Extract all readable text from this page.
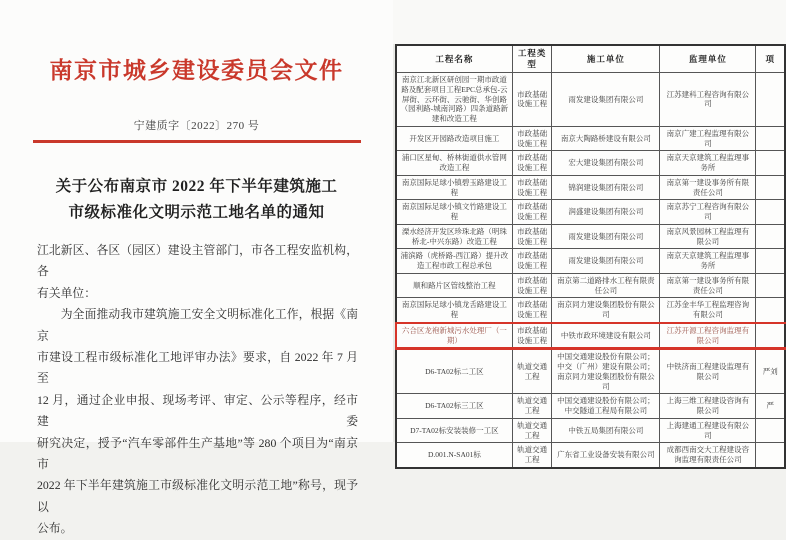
南京市城乡建设委员会文件
宁建质字〔2022〕270 号
关于公布南京市 2022 年下半年建筑施工
市级标准化文明示范工地名单的通知
江北新区、各区（园区）建设主管部门，市各工程安监机构，各
有关单位：
　　为全面推动我市建筑施工安全文明标准化工作，根据《南京
市建设工程市级标准化工地评审办法》要求，自 2022 年 7 月至
12 月，通过企业申报、现场考评、审定、公示等程序，经市建委
研究决定，授予“汽车零部件生产基地”等 280 个项目为“南京市
2022 年下半年建筑施工市级标准化文明示范工地”称号，现予以
公布。
工程名称	工程类型	施工单位	监理单位	项
南京江北新区研创园一期市政道路及配套项目工程EPC总承包-云屏街、云环街、云驰街、华创路（园利路-城南河路）四条道路新建和改造工程	市政基础设施工程	雨发建设集团有限公司	江苏建科工程咨询有限公司	
开发区开园路改造项目施工	市政基础设施工程	南京大陶路桥建设有限公司	南京广建工程监理有限公司	
浦口区星甸、桥林街道供水管网改造工程	市政基础设施工程	宏大建设集团有限公司	南京天京建筑工程监理事务所	
南京国际足球小镇碧玉路建设工程	市政基础设施工程	锦润建设集团有限公司	南京第一建设事务所有限责任公司	
南京国际足球小镇文竹路建设工程	市政基础设施工程	润盛建设集团有限公司	南京苏宁工程咨询有限公司	
溧水经济开发区珍珠北路（明珠桥北-中兴东路）改造工程	市政基础设施工程	雨发建设集团有限公司	南京风景园林工程监理有限公司	
浦滨路（虎桥路-西江路）提升改造工程市政工程总承包	市政基础设施工程	雨发建设集团有限公司	南京天京建筑工程监理事务所	
顺和路片区管线整治工程	市政基础设施工程	南京第二道路排水工程有限责任公司	南京第一建设事务所有限责任公司	
南京国际足球小镇龙舌路建设工程	市政基础设施工程	南京同力建设集团股份有限公司	江苏金丰华工程监理咨询有限公司	
六合区龙袍新城污水处理厂（一期）	市政基础设施工程	中铁市政环境建设有限公司	江苏开源工程咨询监理有限公司	
D6-TA02标二工区	轨道交通工程	中国交通建设股份有限公司；中交（广州）建设有限公司；南京同力建设集团股份有限公司	中铁济南工程建设监理有限公司	严刘
D6-TA02标三工区	轨道交通工程	中国交通建设股份有限公司；中交隧道工程局有限公司	上海三维工程建设咨询有限公司	严
D7-TA02标安装装修一工区	轨道交通工程	中铁五局集团有限公司	上海建通工程建设有限公司	
D.001.N-SA01标	轨道交通工程	广东省工业设备安装有限公司	成都西南交大工程建设咨询监理有限责任公司	
